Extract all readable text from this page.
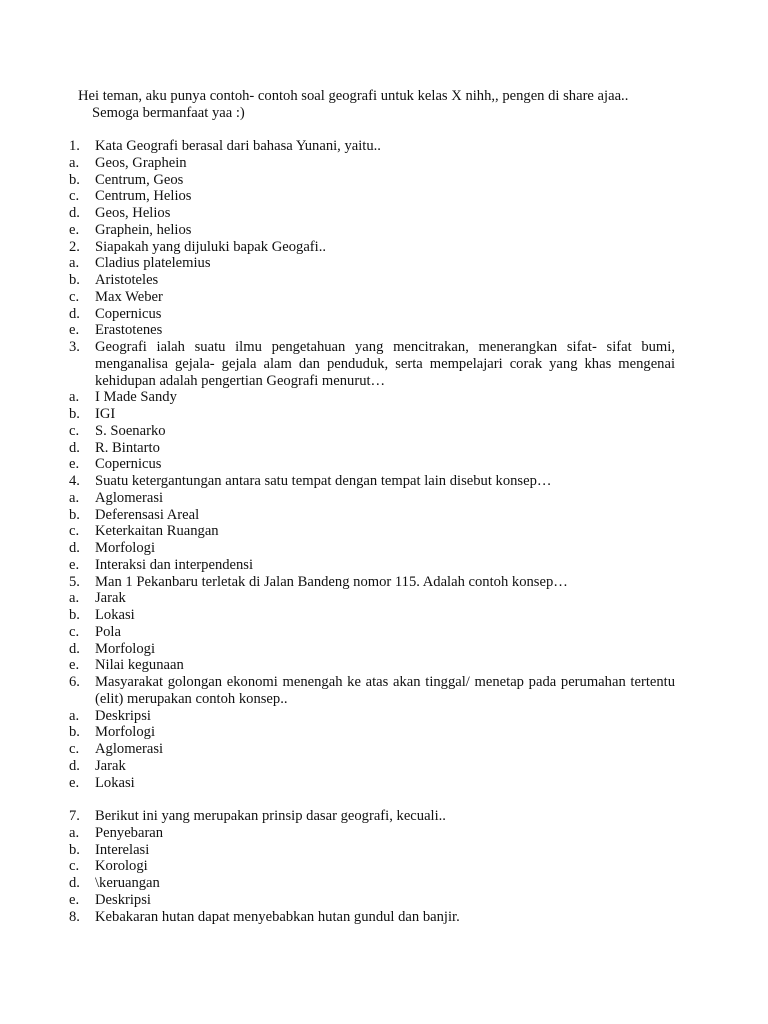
Hei teman, aku punya contoh- contoh soal geografi untuk kelas X nihh,, pengen di share ajaa..
Semoga bermanfaat yaa :)
1.	Kata Geografi berasal dari bahasa Yunani, yaitu..
a.	Geos, Graphein
b.	Centrum, Geos
c.	Centrum, Helios
d.	Geos, Helios
e.	Graphein, helios
2.	Siapakah yang dijuluki bapak Geogafi..
a.	Cladius platelemius
b.	Aristoteles
c.	Max Weber
d.	Copernicus
e.	Erastotenes
3.	Geografi ialah suatu ilmu pengetahuan yang mencitrakan, menerangkan sifat- sifat bumi, menganalisa gejala- gejala alam dan penduduk, serta mempelajari corak yang khas mengenai kehidupan adalah pengertian Geografi menurut…
a.	I Made Sandy
b.	IGI
c.	S. Soenarko
d.	R. Bintarto
e.	Copernicus
4.	Suatu ketergantungan antara satu tempat dengan tempat lain disebut konsep…
a.	Aglomerasi
b.	Deferensasi Areal
c.	Keterkaitan Ruangan
d.	Morfologi
e.	Interaksi dan interpendensi
5.	Man 1 Pekanbaru terletak di Jalan Bandeng nomor 115. Adalah contoh konsep…
a.	Jarak
b.	Lokasi
c.	Pola
d.	Morfologi
e.	Nilai kegunaan
6.	Masyarakat golongan ekonomi menengah ke atas akan tinggal/ menetap pada perumahan tertentu (elit) merupakan contoh konsep..
a.	Deskripsi
b.	Morfologi
c.	Aglomerasi
d.	Jarak
e.	Lokasi
7.	Berikut ini yang merupakan prinsip dasar geografi, kecuali..
a.	Penyebaran
b.	Interelasi
c.	Korologi
d.	\keruangan
e.	Deskripsi
8.	Kebakaran hutan dapat menyebabkan hutan gundul dan banjir.
